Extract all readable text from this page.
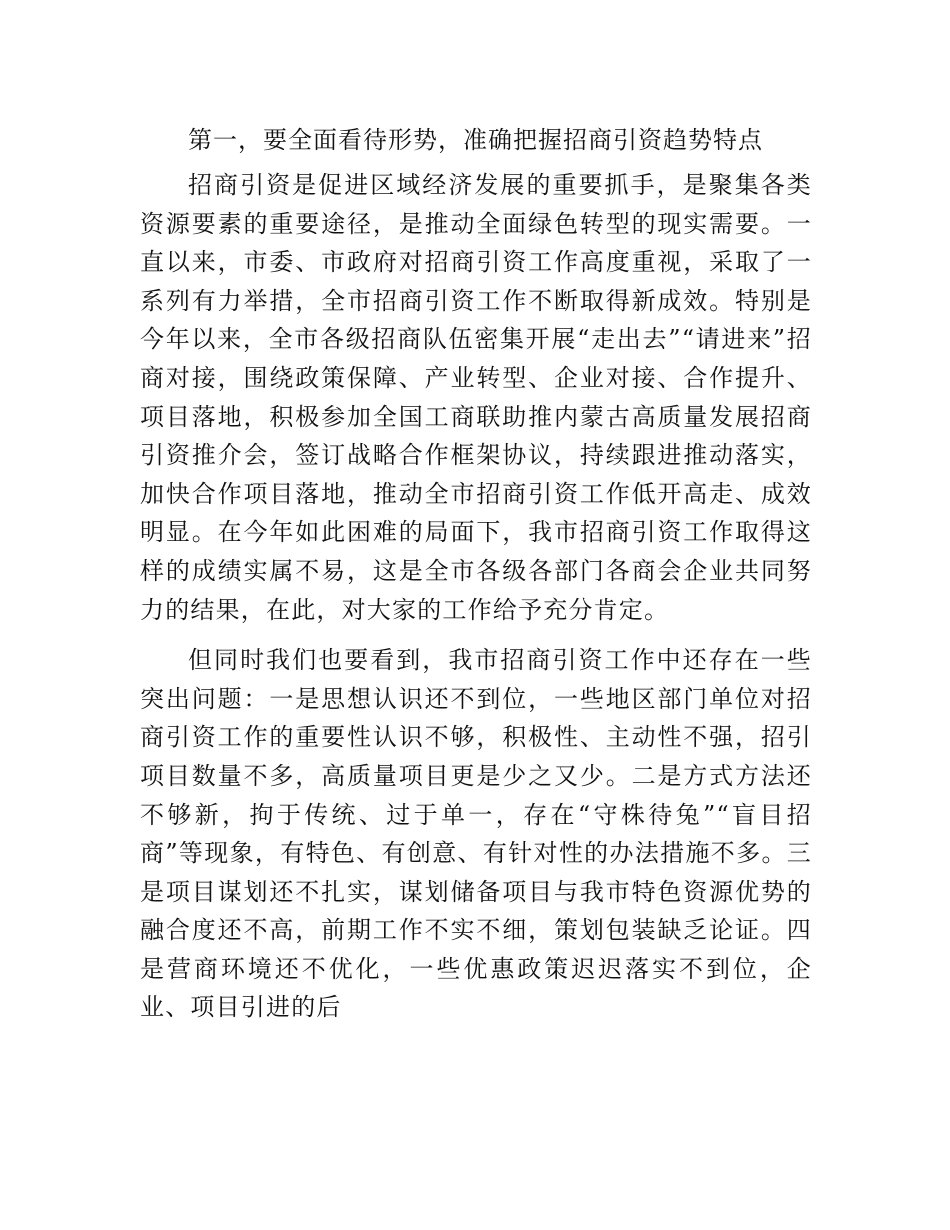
第一，要全面看待形势，准确把握招商引资趋势特点

招商引资是促进区域经济发展的重要抓手，是聚集各类资源要素的重要途径，是推动全面绿色转型的现实需要。一直以来，市委、市政府对招商引资工作高度重视，采取了一系列有力举措，全市招商引资工作不断取得新成效。特别是今年以来，全市各级招商队伍密集开展“走出去”“请进来”招商对接，围绕政策保障、产业转型、企业对接、合作提升、项目落地，积极参加全国工商联助推内蒙古高质量发展招商引资推介会，签订战略合作框架协议，持续跟进推动落实，加快合作项目落地，推动全市招商引资工作低开高走、成效明显。在今年如此困难的局面下，我市招商引资工作取得这样的成绩实属不易，这是全市各级各部门各商会企业共同努力的结果，在此，对大家的工作给予充分肯定。

但同时我们也要看到，我市招商引资工作中还存在一些突出问题：一是思想认识还不到位，一些地区部门单位对招商引资工作的重要性认识不够，积极性、主动性不强，招引项目数量不多，高质量项目更是少之又少。二是方式方法还不够新，拘于传统、过于单一，存在“守株待兔”“盲目招商”等现象，有特色、有创意、有针对性的办法措施不多。三是项目谋划还不扎实，谋划储备项目与我市特色资源优势的融合度还不高，前期工作不实不细，策划包装缺乏论证。四是营商环境还不优化，一些优惠政策迟迟落实不到位，企业、项目引进的后
